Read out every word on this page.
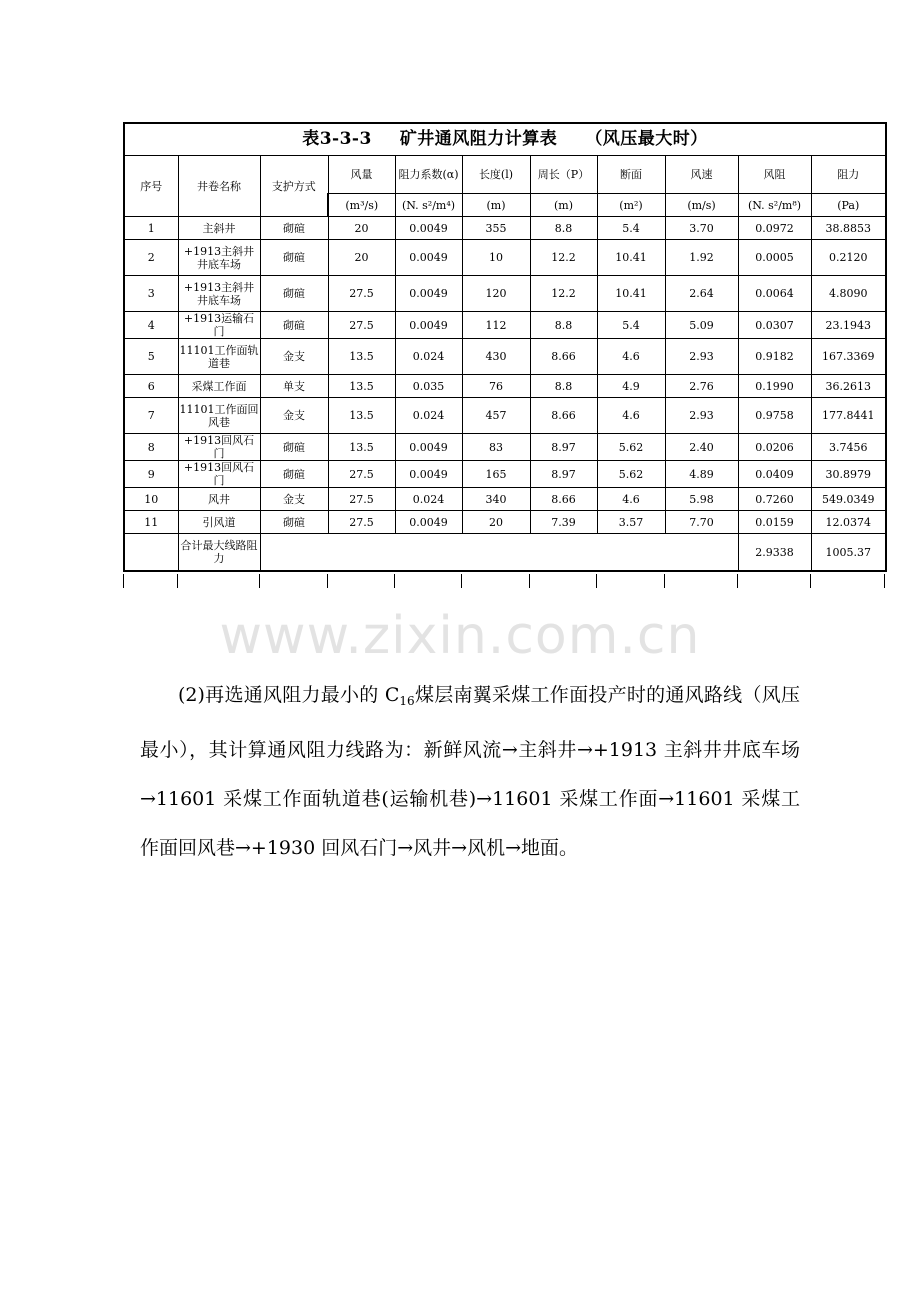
表3-3-3 矿井通风阻力计算表 （风压最大时）										
序号	井卷名称	支护方式	风量	阻力系数(α)	长度(l)	周长（P）	断面	风速	风阻	阻力
			(m³/s)	(N. s²/m⁴)	(m)	(m)	(m²)	(m/s)	(N. s²/m⁸)	(Pa)
1	主斜井	砌碹	20	0.0049	355	8.8	5.4	3.70	0.0972	38.8853
2	+1913主斜井井底车场	砌碹	20	0.0049	10	12.2	10.41	1.92	0.0005	0.2120
3	+1913主斜井井底车场	砌碹	27.5	0.0049	120	12.2	10.41	2.64	0.0064	4.8090
4	+1913运输石门	砌碹	27.5	0.0049	112	8.8	5.4	5.09	0.0307	23.1943
5	11101工作面轨道巷	金支	13.5	0.024	430	8.66	4.6	2.93	0.9182	167.3369
6	采煤工作面	单支	13.5	0.035	76	8.8	4.9	2.76	0.1990	36.2613
7	11101工作面回风巷	金支	13.5	0.024	457	8.66	4.6	2.93	0.9758	177.8441
8	+1913回风石门	砌碹	13.5	0.0049	83	8.97	5.62	2.40	0.0206	3.7456
9	+1913回风石门	砌碹	27.5	0.0049	165	8.97	5.62	4.89	0.0409	30.8979
10	风井	金支	27.5	0.024	340	8.66	4.6	5.98	0.7260	549.0349
11	引风道	砌碹	27.5	0.0049	20	7.39	3.57	7.70	0.0159	12.0374
	合计最大线路阻力								2.9338	1005.37
www.zixin.com.cn

(2)再选通风阻力最小的 $C_{16}$煤层南翼采煤工作面投产时的通风路线（风压最小），其计算通风阻力线路为：新鲜风流→主斜井→+1913 主斜井井底车场→11601 采煤工作面轨道巷(运输机巷)→11601 采煤工作面→11601 采煤工作面回风巷→+1930 回风石门→风井→风机→地面。
